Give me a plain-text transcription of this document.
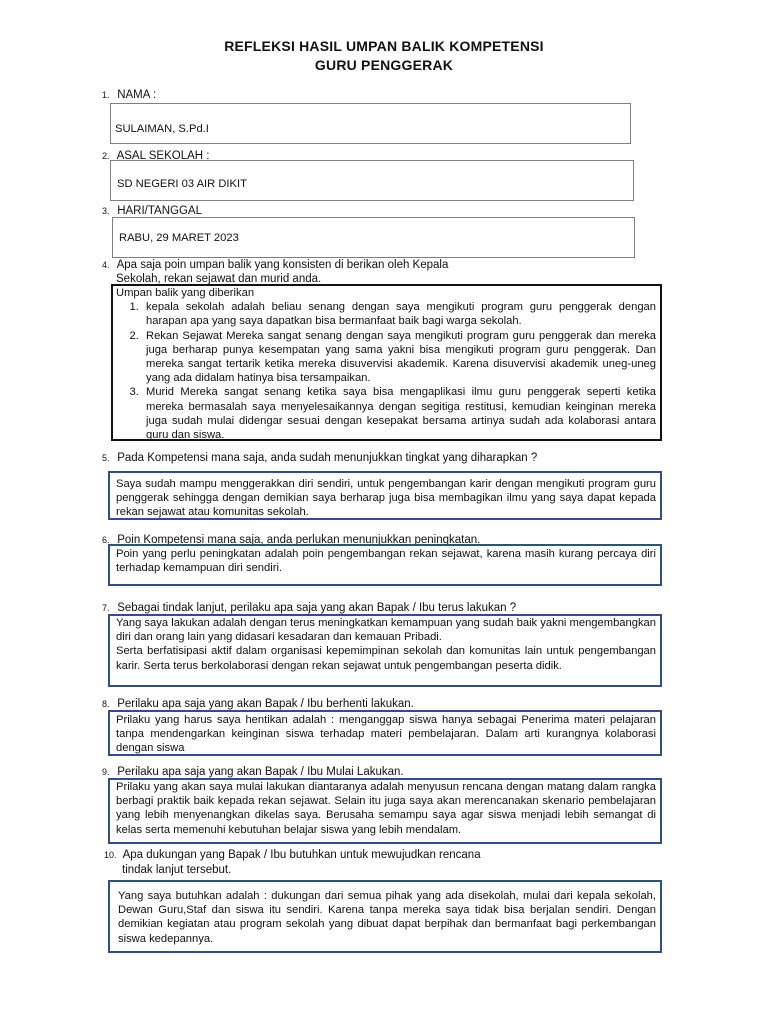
REFLEKSI HASIL UMPAN BALIK KOMPETENSI
GURU PENGGERAK
1. NAMA :
SULAIMAN, S.Pd.I
2. ASAL SEKOLAH :
SD NEGERI 03 AIR DIKIT
3. HARI/TANGGAL
RABU, 29 MARET 2023
4. Apa saja poin umpan balik yang konsisten di berikan oleh Kepala
Sekolah, rekan sejawat dan murid anda.
Umpan balik yang diberikan
1. kepala sekolah adalah beliau senang dengan saya mengikuti program guru penggerak dengan harapan apa yang saya dapatkan bisa bermanfaat baik bagi warga sekolah.
2. Rekan Sejawat Mereka sangat senang dengan saya mengikuti program guru penggerak dan mereka juga berharap punya kesempatan yang sama yakni bisa mengikuti program guru penggerak. Dan mereka sangat tertarik ketika mereka disuvervisi akademik. Karena disuvervisi akademik uneg-uneg yang ada didalam hatinya bisa tersampaikan.
3. Murid Mereka sangat senang ketika saya bisa mengaplikasi ilmu guru penggerak seperti ketika mereka bermasalah saya menyelesaikannya dengan segitiga restitusi, kemudian keinginan mereka juga sudah mulai didengar sesuai dengan kesepakat bersama artinya sudah ada kolaborasi antara guru dan siswa.
5. Pada Kompetensi mana saja, anda sudah menunjukkan tingkat yang diharapkan ?
Saya sudah mampu menggerakkan diri sendiri, untuk pengembangan karir dengan mengikuti program guru penggerak sehingga dengan demikian saya berharap juga bisa membagikan ilmu yang saya dapat kepada rekan sejawat atau komunitas sekolah.
6. Poin Kompetensi mana saja, anda perlukan menunjukkan peningkatan.
Poin yang perlu peningkatan adalah poin pengembangan rekan sejawat, karena masih kurang percaya diri terhadap kemampuan diri sendiri.
7. Sebagai tindak lanjut, perilaku apa saja yang akan Bapak / Ibu terus lakukan ?
Yang saya lakukan adalah dengan terus meningkatkan kemampuan yang sudah baik yakni mengembangkan diri dan orang lain yang didasari kesadaran dan kemauan Pribadi.
Serta berfatisipasi aktif dalam organisasi kepemimpinan sekolah dan komunitas lain untuk pengembangan karir. Serta terus berkolaborasi dengan rekan sejawat untuk pengembangan peserta didik.
8. Perilaku apa saja yang akan Bapak / Ibu berhenti lakukan.
Prilaku yang harus saya hentikan adalah : menganggap siswa hanya sebagai Penerima materi pelajaran tanpa mendengarkan keinginan siswa terhadap materi pembelajaran. Dalam arti kurangnya kolaborasi dengan siswa
9. Perilaku apa saja yang akan Bapak / Ibu Mulai Lakukan.
Prilaku yang akan saya mulai lakukan diantaranya adalah menyusun rencana dengan matang dalam rangka berbagi praktik baik kepada rekan sejawat. Selain itu juga saya akan merencanakan skenario pembelajaran yang lebih menyenangkan dikelas saya. Berusaha semampu saya agar siswa menjadi lebih semangat di kelas serta memenuhi kebutuhan belajar siswa yang lebih mendalam.
10. Apa dukungan yang Bapak / Ibu butuhkan untuk mewujudkan rencana
tindak lanjut tersebut.
Yang saya butuhkan adalah : dukungan dari semua pihak yang ada disekolah, mulai dari kepala sekolah, Dewan Guru,Staf dan siswa itu sendiri. Karena tanpa mereka saya tidak bisa berjalan sendiri. Dengan demikian kegiatan atau program sekolah yang dibuat dapat berpihak dan bermanfaat bagi perkembangan siswa kedepannya.
